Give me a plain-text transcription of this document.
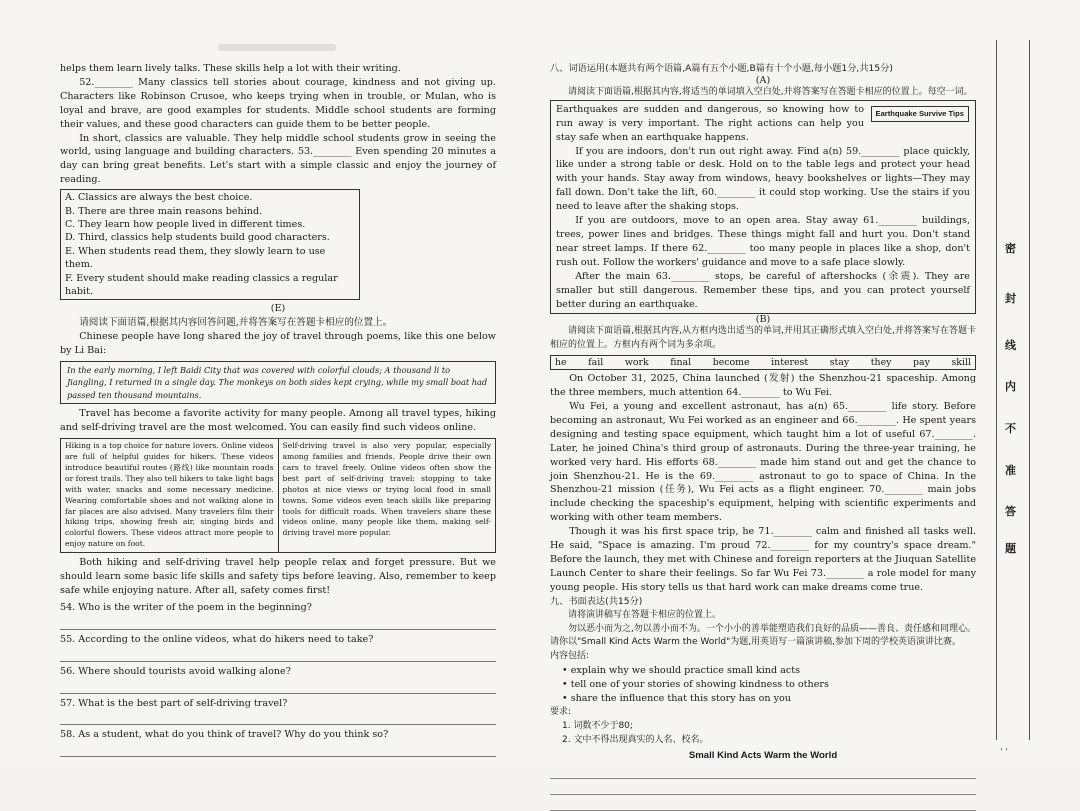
helps them learn lively talks. These skills help a lot with their writing.

52.________ Many classics tell stories about courage, kindness and not giving up. Characters like Robinson Crusoe, who keeps trying when in trouble, or Mulan, who is loyal and brave, are good examples for students. Middle school students are forming their values, and these good characters can guide them to be better people.

In short, classics are valuable. They help middle school students grow in seeing the world, using language and building characters. 53.________ Even spending 20 minutes a day can bring great benefits. Let's start with a simple classic and enjoy the journey of reading.

A. Classics are always the best choice.
B. There are three main reasons behind.
C. They learn how people lived in different times.
D. Third, classics help students build good characters.
E. When students read them, they slowly learn to use them.
F. Every student should make reading classics a regular habit.
(E)

请阅读下面语篇,根据其内容回答问题,并将答案写在答题卡相应的位置上。

Chinese people have long shared the joy of travel through poems, like this one below by Li Bai:

In the early morning, I left Baidi City that was covered with colorful clouds; A thousand li to Jiangling, I returned in a single day. The monkeys on both sides kept crying, while my small boat had passed ten thousand mountains.

Travel has become a favorite activity for many people. Among all travel types, hiking and self-driving travel are the most welcomed. You can easily find such videos online.

Hiking is a top choice for nature lovers. Online videos are full of helpful guides for hikers. These videos introduce beautiful routes (路线) like mountain roads or forest trails. They also tell hikers to take light bags with water, snacks and some necessary medicine. Wearing comfortable shoes and not walking alone in far places are also advised. Many travelers film their hiking trips, showing fresh air, singing birds and colorful flowers. These videos attract more people to enjoy nature on foot.
Self-driving travel is also very popular, especially among families and friends. People drive their own cars to travel freely. Online videos often show the best part of self-driving travel: stopping to take photos at nice views or trying local food in small towns. Some videos even teach skills like preparing tools for difficult roads. When travelers share these videos online, many people like them, making self-driving travel more popular.

Both hiking and self-driving travel help people relax and forget pressure. But we should learn some basic life skills and safety tips before leaving. Also, remember to keep safe while enjoying nature. After all, safety comes first!

54. Who is the writer of the poem in the beginning?
55. According to the online videos, what do hikers need to take?
56. Where should tourists avoid walking alone?
57. What is the best part of self-driving travel?
58. As a student, what do you think of travel? Why do you think so?
八、词语运用(本题共有两个语篇,A篇有五个小题,B篇有十个小题,每小题1分,共15分)
(A)

请阅读下面语篇,根据其内容,将适当的单词填入空白处,并将答案写在答题卡相应的位置上。每空一词。

Earthquake Survive Tips

Earthquakes are sudden and dangerous, so knowing how to run away is very important. The right actions can help you stay safe when an earthquake happens.

If you are indoors, don't run out right away. Find a(n) 59.________ place quickly, like under a strong table or desk. Hold on to the table legs and protect your head with your hands. Stay away from windows, heavy bookshelves or lights—They may fall down. Don't take the lift, 60.________ it could stop working. Use the stairs if you need to leave after the shaking stops.

If you are outdoors, move to an open area. Stay away 61.________ buildings, trees, power lines and bridges. These things might fall and hurt you. Don't stand near street lamps. If there 62.________ too many people in places like a shop, don't rush out. Follow the workers' guidance and move to a safe place slowly.

After the main 63.________ stops, be careful of aftershocks (余震). They are smaller but still dangerous. Remember these tips, and you can protect yourself better during an earthquake.

(B)

请阅读下面语篇,根据其内容,从方框内选出适当的单词,并用其正确形式填入空白处,并将答案写在答题卡相应的位置上。方框内有两个词为多余项。

he fail work final become interest stay they pay skill

On October 31, 2025, China launched (发射) the Shenzhou-21 spaceship. Among the three members, much attention 64.________ to Wu Fei.

Wu Fei, a young and excellent astronaut, has a(n) 65.________ life story. Before becoming an astronaut, Wu Fei worked as an engineer and 66.________. He spent years designing and testing space equipment, which taught him a lot of useful 67.________. Later, he joined China's third group of astronauts. During the three-year training, he worked very hard. His efforts 68.________ made him stand out and get the chance to join Shenzhou-21. He is the 69.________ astronaut to go to space of China. In the Shenzhou-21 mission (任务), Wu Fei acts as a flight engineer. 70.________ main jobs include checking the spaceship's equipment, helping with scientific experiments and working with other team members.

Though it was his first space trip, he 71.________ calm and finished all tasks well. He said, "Space is amazing. I'm proud 72.________ for my country's space dream." Before the launch, they met with Chinese and foreign reporters at the Jiuquan Satellite Launch Center to share their feelings. So far Wu Fei 73.________ a role model for many young people. His story tells us that hard work can make dreams come true.

九、书面表达(共15分)

请将演讲稿写在答题卡相应的位置上。

勿以恶小而为之,勿以善小而不为。一个小小的善举能塑造我们良好的品质——善良、责任感和同理心。请你以"Small Kind Acts Warm the World"为题,用英语写一篇演讲稿,参加下周的学校英语演讲比赛。

内容包括:
• explain why we should practice small kind acts
• tell one of your stories of showing kindness to others
• share the influence that this story has on you
要求:
1. 词数不少于80;
2. 文中不得出现真实的人名、校名。
Small Kind Acts Warm the World
密
封
线
内
不
准
答
题
' '
